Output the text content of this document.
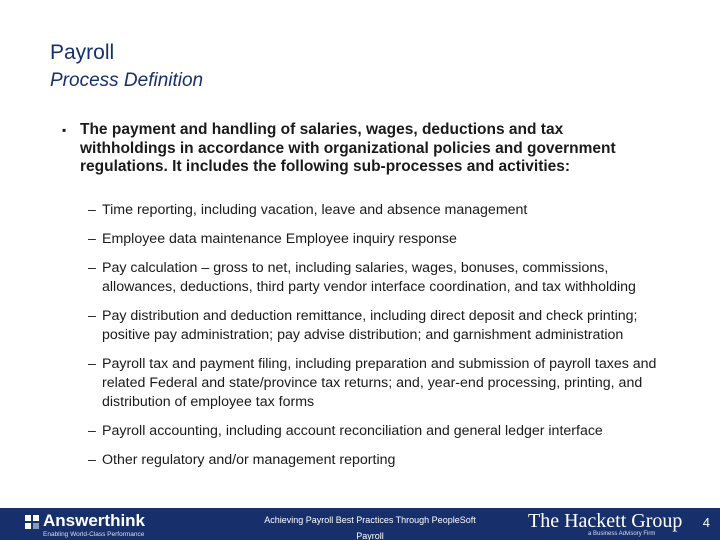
Payroll
Process Definition
▪ The payment and handling of salaries, wages, deductions and tax withholdings in accordance with organizational policies and government regulations. It includes the following sub-processes and activities:
– Time reporting, including vacation, leave and absence management
– Employee data maintenance Employee inquiry response
– Pay calculation – gross to net, including salaries, wages, bonuses, commissions, allowances, deductions, third party vendor interface coordination, and tax withholding
– Pay distribution and deduction remittance, including direct deposit and check printing; positive pay administration; pay advise distribution; and garnishment administration
– Payroll tax and payment filing, including preparation and submission of payroll taxes and related Federal and state/province tax returns; and, year-end processing, printing, and distribution of employee tax forms
– Payroll accounting, including account reconciliation and general ledger interface
– Other regulatory and/or management reporting
Answerthink
Enabling World-Class Performance
Achieving Payroll Best Practices Through PeopleSoft
Payroll
The Hackett Group
a Business Advisory Firm
4
